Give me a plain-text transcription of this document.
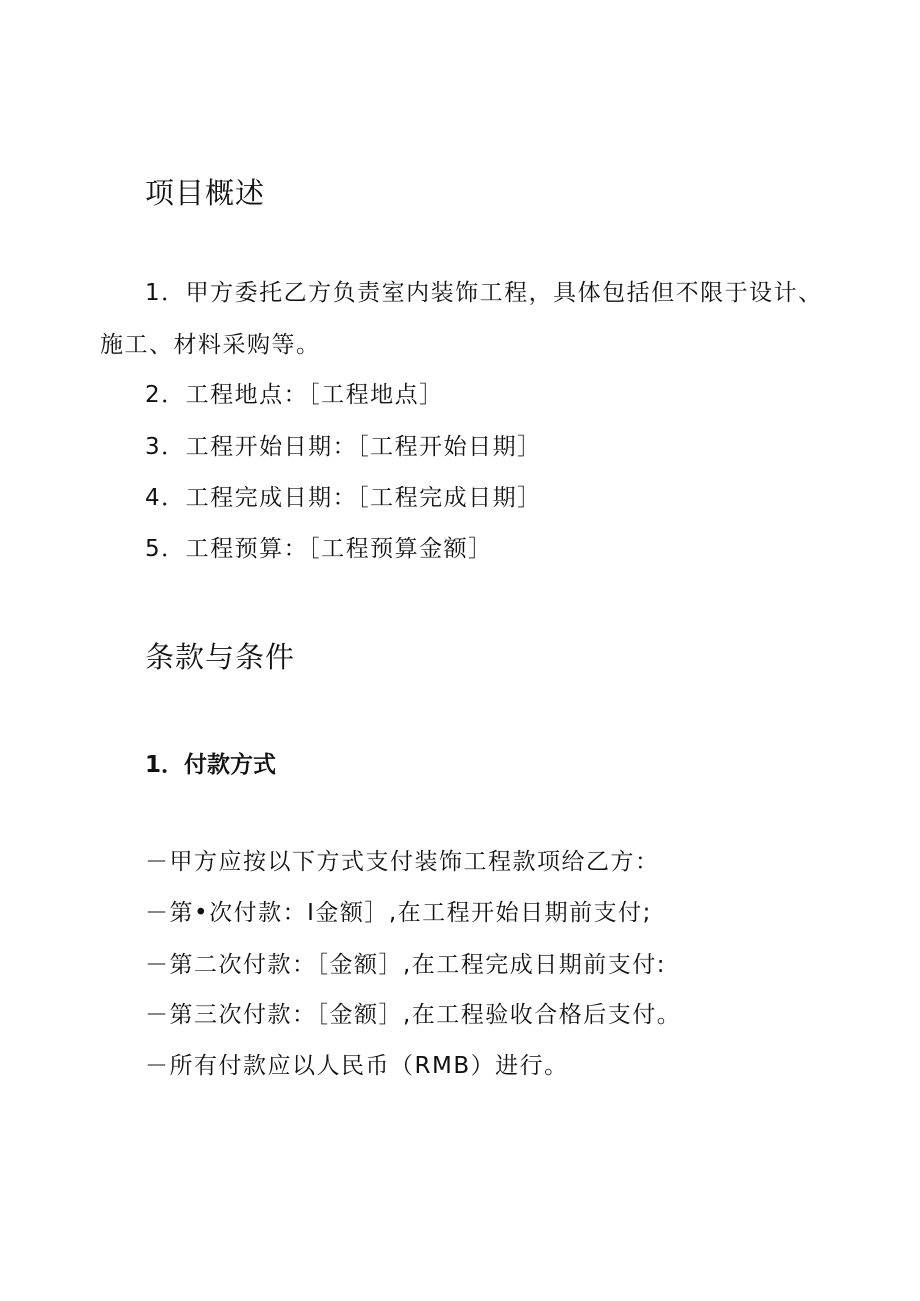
项目概述

1．甲方委托乙方负责室内装饰工程，具体包括但不限于设计、

施工、材料采购等。

2．工程地点：［工程地点］

3．工程开始日期：［工程开始日期］

4．工程完成日期：［工程完成日期］

5．工程预算：［工程预算金额］

条款与条件

1．付款方式

－甲方应按以下方式支付装饰工程款项给乙方：

－第•次付款：I金额］,在工程开始日期前支付;

－第二次付款：［金额］,在工程完成日期前支付:

－第三次付款：［金额］,在工程验收合格后支付。

－所有付款应以人民币（RMB）进行。
